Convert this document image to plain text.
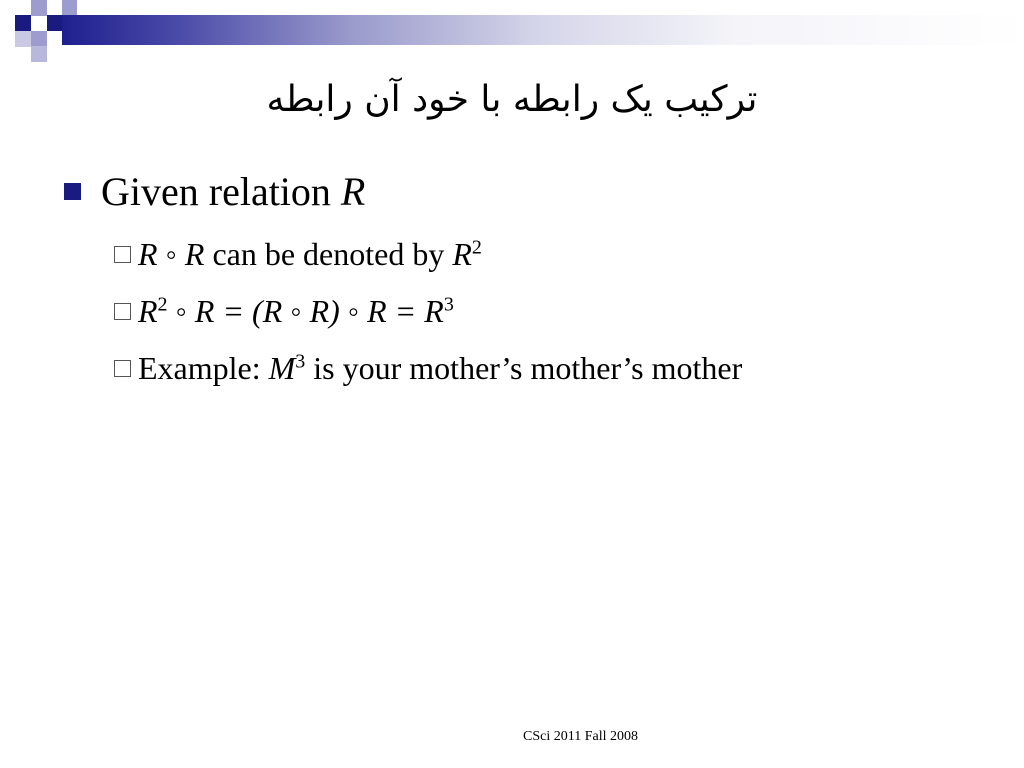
ترکیب یک رابطه با خود آن رابطه
Given relation R
R ◦ R can be denoted by $R^2$
$R^2$ ◦ R = (R ◦ R) ◦ $R = R^3$
Example: $M^3$ is your mother’s mother’s mother
CSci 2011 Fall 2008
